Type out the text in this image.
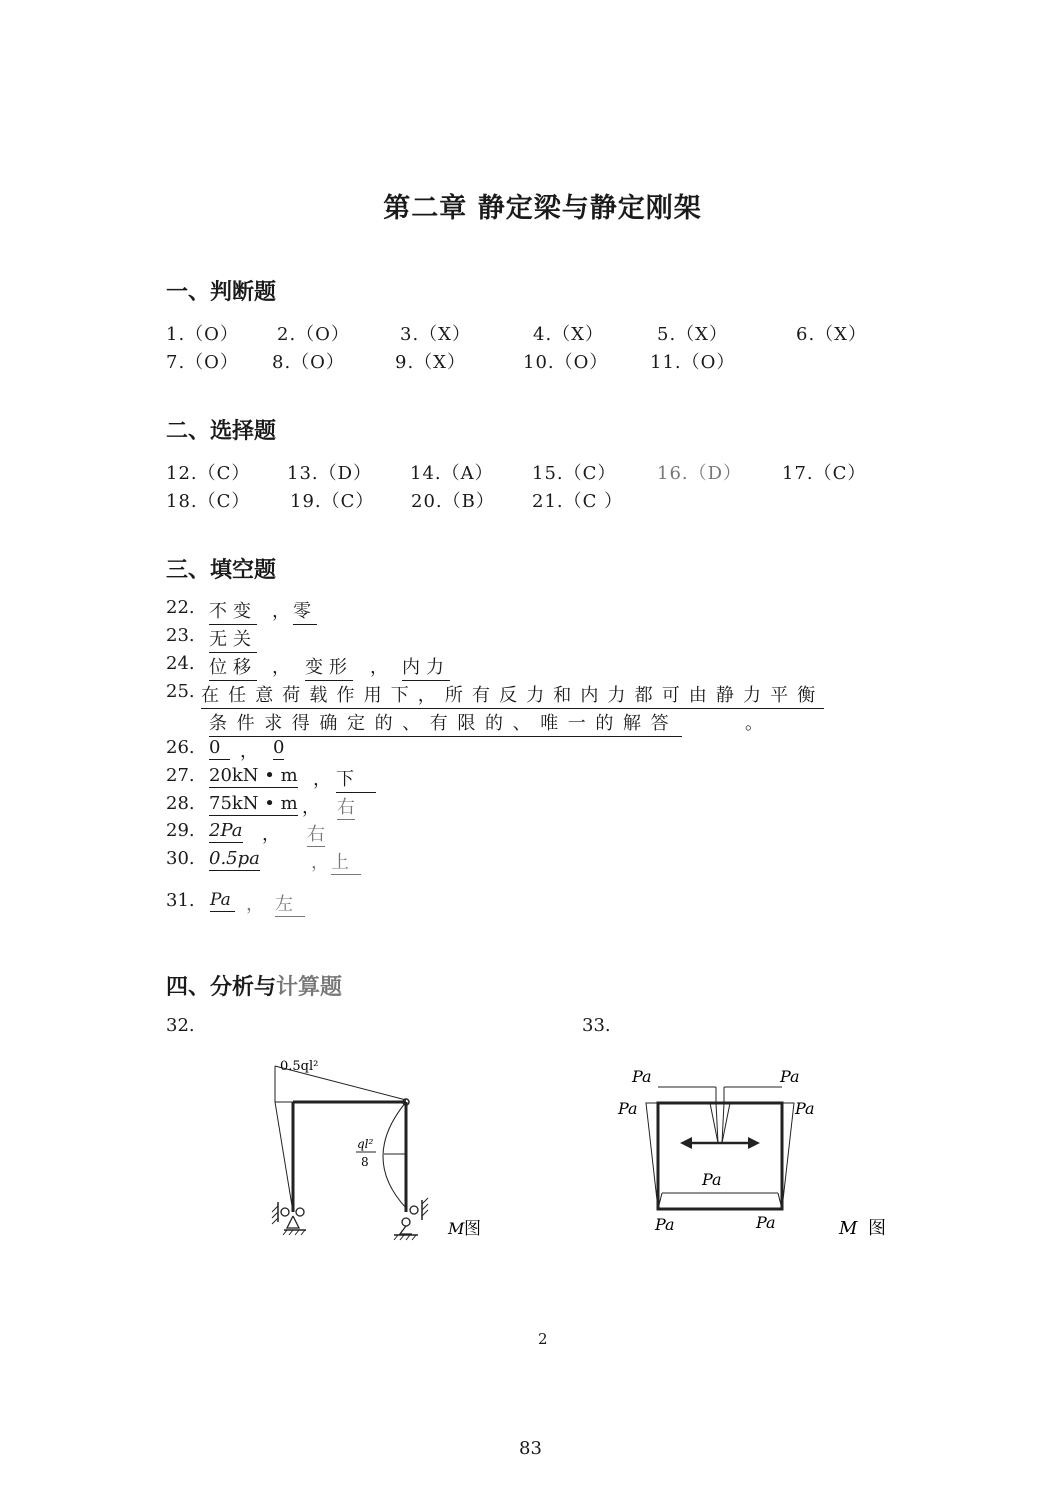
第二章 静定梁与静定刚架
一、判断题
1.（O） 2.（O）	3.（X）	4.（X）	5.（X）	6.（X）
7.（O） 8.（O）	9.（X）	10.（O） 11.（O）
二、选择题
12.（C） 13.（D） 14.（A） 15.（C） 16.（D） 17.（C）
18.（C） 19.（C） 20.（B） 21.（C ）
三、填空题
22. 不变 ， 零
23. 无关
24. 位移 ， 变形 ， 内力
25. 在任意荷载作用下，所有反力和内力都可由静力平衡
条件求得确定的、有限的、唯一的解答	。
26. 0	， 0
27. 20kN • m ， 下
28. 75kN • m ， 右
29. 2Pa ， 右
30. 0.5pa	， 上
31. Pa ， 左
四、分析与计算题
32.	33.
0.5ql²
ql²
8
M 图
Pa	Pa
Pa	Pa
Pa
Pa	Pa	M 图
2
83
